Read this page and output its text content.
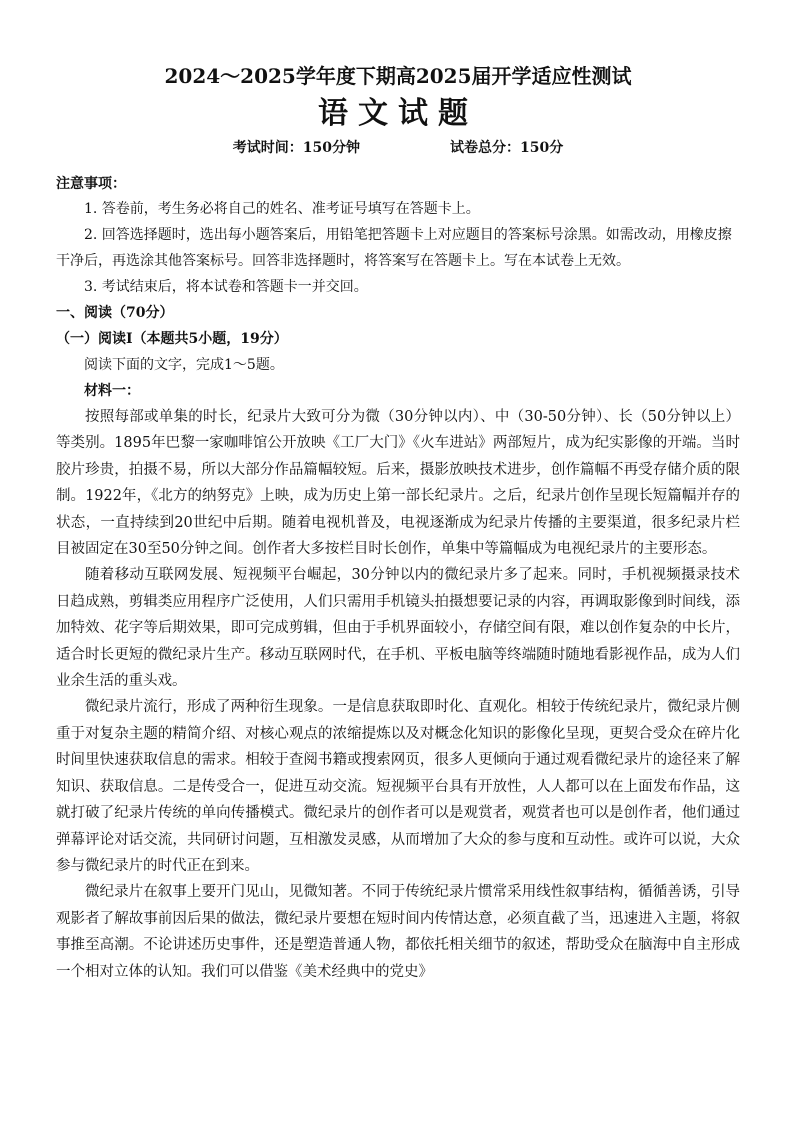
2024～2025学年度下期高2025届开学适应性测试
语文试题
考试时间：150分钟	试卷总分：150分
注意事项：

1. 答卷前，考生务必将自己的姓名、准考证号填写在答题卡上。

2. 回答选择题时，选出每小题答案后，用铅笔把答题卡上对应题目的答案标号涂黑。如需改动，用橡皮擦干净后，再选涂其他答案标号。回答非选择题时，将答案写在答题卡上。写在本试卷上无效。

3. 考试结束后，将本试卷和答题卡一并交回。

一、阅读（70分）
（一）阅读Ⅰ（本题共5小题，19分）

阅读下面的文字，完成1～5题。

材料一：

按照每部或单集的时长，纪录片大致可分为微（30分钟以内）、中（30-50分钟）、长（50分钟以上）等类别。1895年巴黎一家咖啡馆公开放映《工厂大门》《火车进站》两部短片，成为纪实影像的开端。当时胶片珍贵，拍摄不易，所以大部分作品篇幅较短。后来，摄影放映技术进步，创作篇幅不再受存储介质的限制。1922年，《北方的纳努克》上映，成为历史上第一部长纪录片。之后，纪录片创作呈现长短篇幅并存的状态，一直持续到20世纪中后期。随着电视机普及，电视逐渐成为纪录片传播的主要渠道，很多纪录片栏目被固定在30至50分钟之间。创作者大多按栏目时长创作，单集中等篇幅成为电视纪录片的主要形态。

随着移动互联网发展、短视频平台崛起，30分钟以内的微纪录片多了起来。同时，手机视频摄录技术日趋成熟，剪辑类应用程序广泛使用，人们只需用手机镜头拍摄想要记录的内容，再调取影像到时间线，添加特效、花字等后期效果，即可完成剪辑，但由于手机界面较小，存储空间有限，难以创作复杂的中长片，适合时长更短的微纪录片生产。移动互联网时代，在手机、平板电脑等终端随时随地看影视作品，成为人们业余生活的重头戏。

微纪录片流行，形成了两种衍生现象。一是信息获取即时化、直观化。相较于传统纪录片，微纪录片侧重于对复杂主题的精简介绍、对核心观点的浓缩提炼以及对概念化知识的影像化呈现，更契合受众在碎片化时间里快速获取信息的需求。相较于查阅书籍或搜索网页，很多人更倾向于通过观看微纪录片的途径来了解知识、获取信息。二是传受合一，促进互动交流。短视频平台具有开放性，人人都可以在上面发布作品，这就打破了纪录片传统的单向传播模式。微纪录片的创作者可以是观赏者，观赏者也可以是创作者，他们通过弹幕评论对话交流，共同研讨问题，互相激发灵感，从而增加了大众的参与度和互动性。或许可以说，大众参与微纪录片的时代正在到来。

微纪录片在叙事上要开门见山，见微知著。不同于传统纪录片惯常采用线性叙事结构，循循善诱，引导观影者了解故事前因后果的做法，微纪录片要想在短时间内传情达意，必须直截了当，迅速进入主题，将叙事推至高潮。不论讲述历史事件，还是塑造普通人物，都依托相关细节的叙述，帮助受众在脑海中自主形成一个相对立体的认知。我们可以借鉴《美术经典中的党史》
